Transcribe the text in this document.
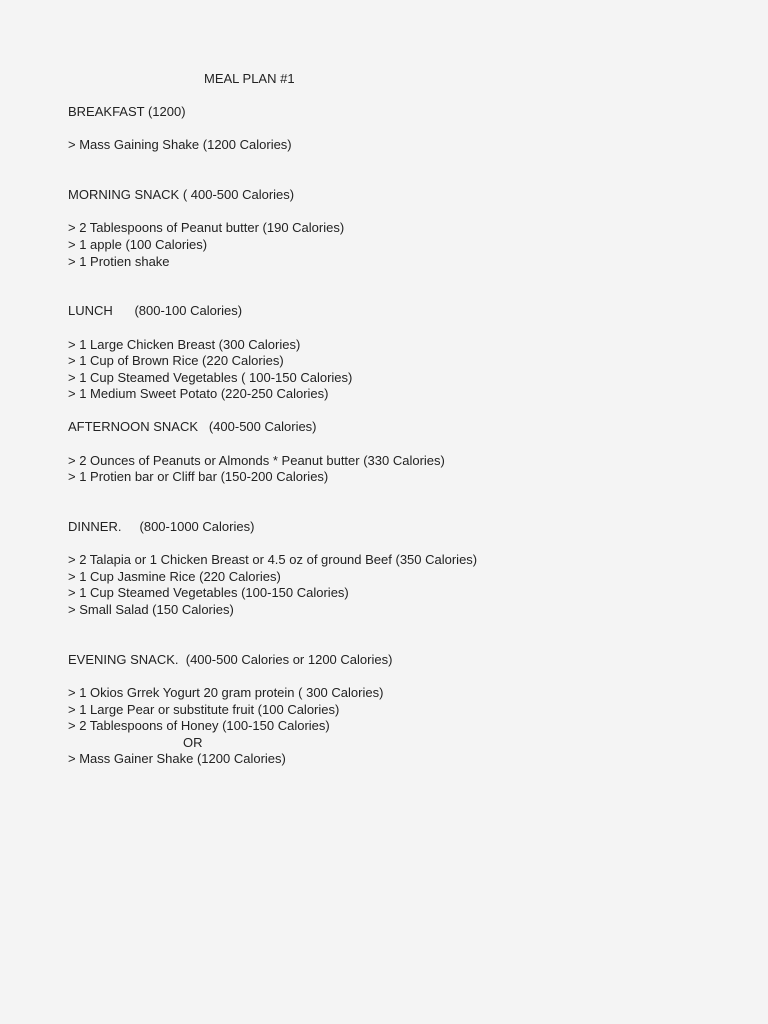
MEAL PLAN #1
BREAKFAST (1200)
> Mass Gaining Shake (1200 Calories)
MORNING SNACK ( 400-500 Calories)
> 2 Tablespoons of Peanut butter (190 Calories)
> 1 apple (100 Calories)
> 1 Protien shake
LUNCH      (800-100 Calories)
> 1 Large Chicken Breast (300 Calories)
> 1 Cup of Brown Rice (220 Calories)
> 1 Cup Steamed Vegetables ( 100-150 Calories)
> 1 Medium Sweet Potato (220-250 Calories)
AFTERNOON SNACK   (400-500 Calories)
> 2 Ounces of Peanuts or Almonds * Peanut butter (330 Calories)
> 1 Protien bar or Cliff bar (150-200 Calories)
DINNER.     (800-1000 Calories)
> 2 Talapia or 1 Chicken Breast or 4.5 oz of ground Beef (350 Calories)
> 1 Cup Jasmine Rice (220 Calories)
> 1 Cup Steamed Vegetables (100-150 Calories)
> Small Salad (150 Calories)
EVENING SNACK.  (400-500 Calories or 1200 Calories)
> 1 Okios Grrek Yogurt 20 gram protein ( 300 Calories)
> 1 Large Pear or substitute fruit (100 Calories)
> 2 Tablespoons of Honey (100-150 Calories)
OR
> Mass Gainer Shake (1200 Calories)
